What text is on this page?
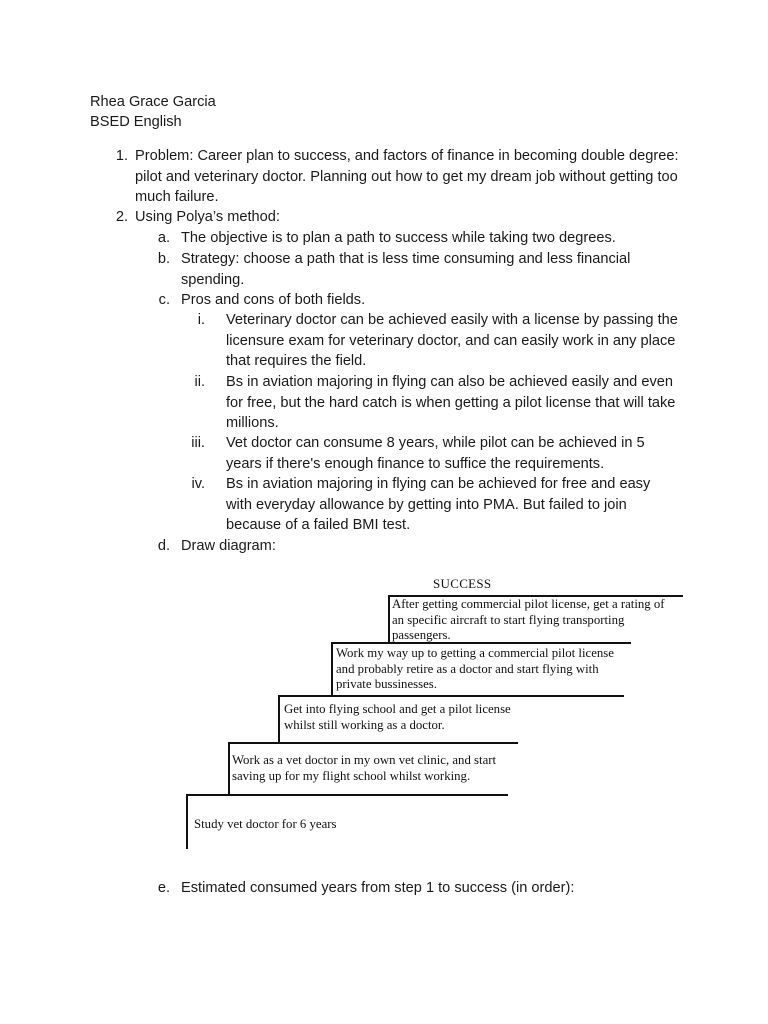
Rhea Grace Garcia
BSED English
1. Problem: Career plan to success, and factors of finance in becoming double degree: pilot and veterinary doctor. Planning out how to get my dream job without getting too much failure.
2. Using Polya’s method:
a. The objective is to plan a path to success while taking two degrees.
b. Strategy: choose a path that is less time consuming and less financial spending.
c. Pros and cons of both fields.
i. Veterinary doctor can be achieved easily with a license by passing the licensure exam for veterinary doctor, and can easily work in any place that requires the field.
ii. Bs in aviation majoring in flying can also be achieved easily and even for free, but the hard catch is when getting a pilot license that will take millions.
iii. Vet doctor can consume 8 years, while pilot can be achieved in 5 years if there's enough finance to suffice the requirements.
iv. Bs in aviation majoring in flying can be achieved for free and easy with everyday allowance by getting into PMA. But failed to join because of a failed BMI test.
d. Draw diagram:
SUCCESS
After getting commercial pilot license, get a rating of an specific aircraft to start flying transporting passengers.
Work my way up to getting a commercial pilot license and probably retire as a doctor and start flying with private bussinesses.
Get into flying school and get a pilot license whilst still working as a doctor.
Work as a vet doctor in my own vet clinic, and start saving up for my flight school whilst working.
Study vet doctor for 6 years
e. Estimated consumed years from step 1 to success (in order):
